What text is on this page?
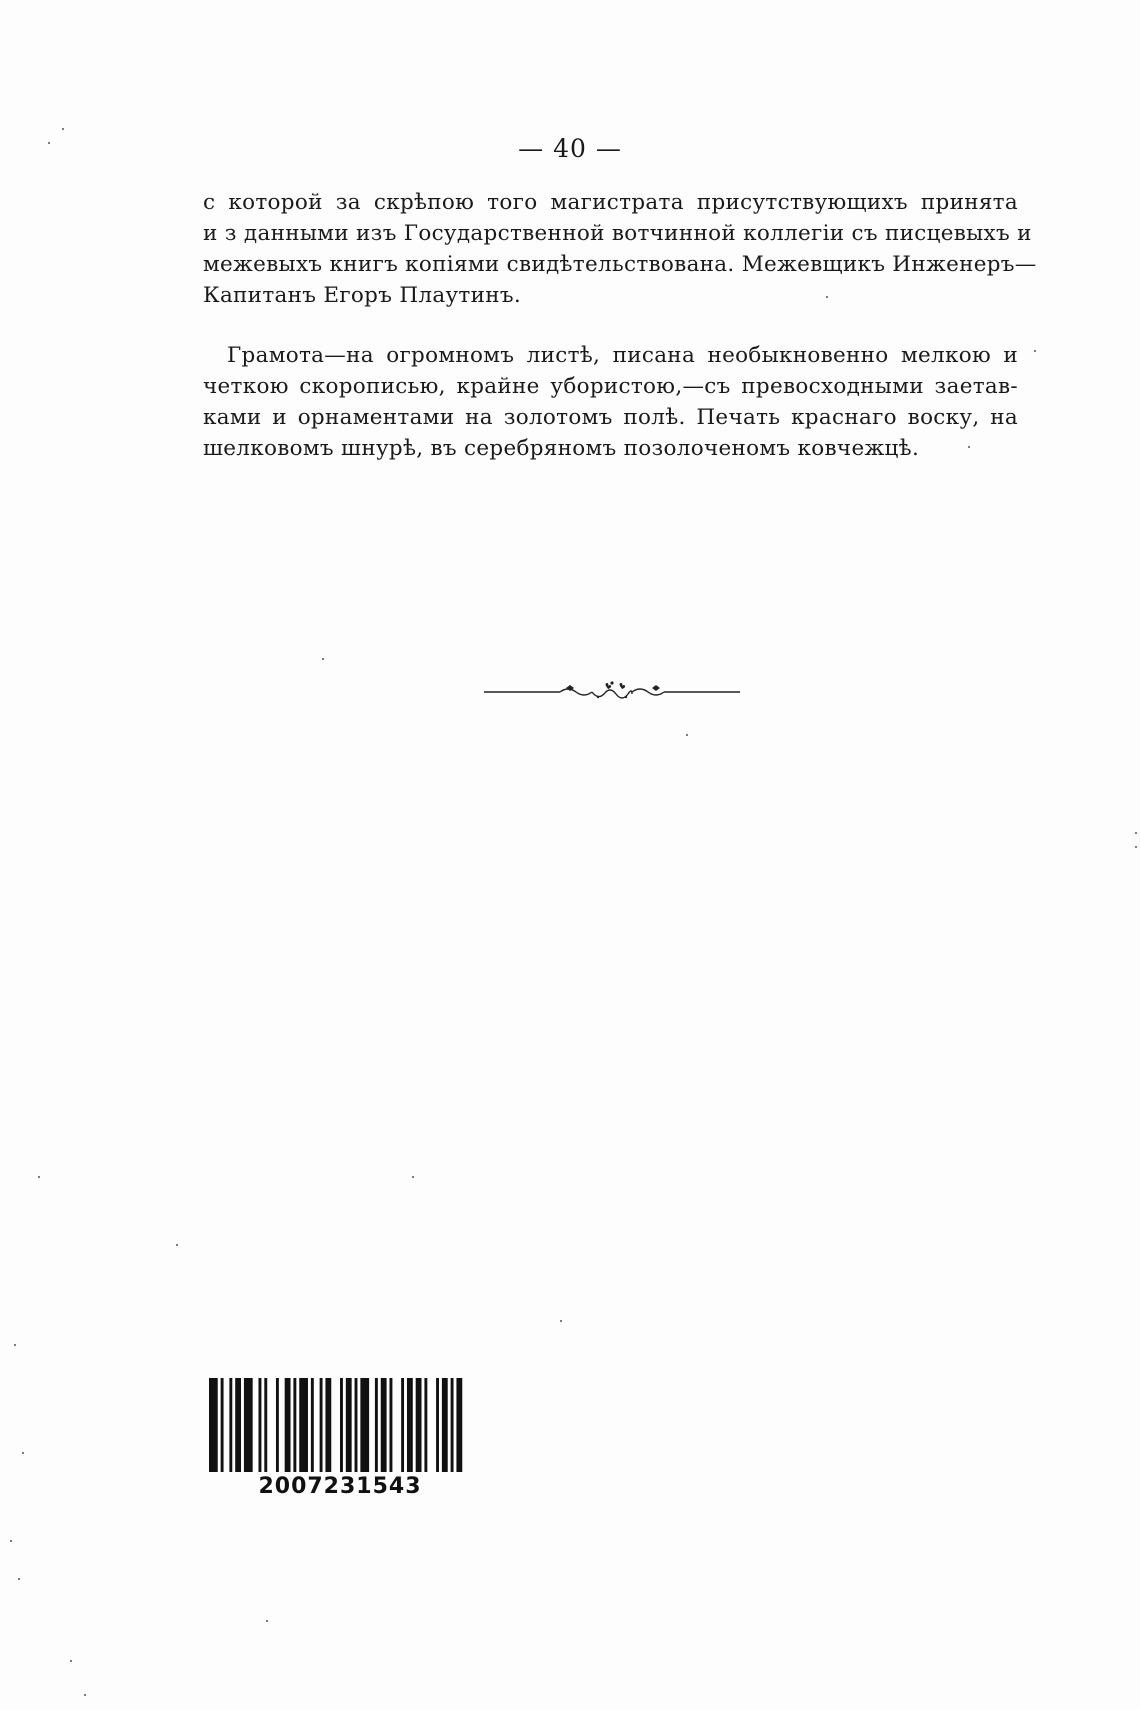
— 40 —
с которой за скрѣпою того магистрата присутствующихъ принята
и з данными изъ Государственной вотчинной коллегіи съ писцевыхъ и
межевыхъ книгъ копіями свидѣтельствована. Межевщикъ Инженеръ—
Капитанъ Егоръ Плаутинъ.
Грамота—на огромномъ листѣ, писана необыкновенно мелкою и
четкою скорописью, крайне убористою,—съ превосходными заетав-
ками и орнаментами на золотомъ полѣ. Печать краснаго воску, на
шелковомъ шнурѣ, въ серебряномъ позолоченомъ ковчежцѣ.
2007231543
